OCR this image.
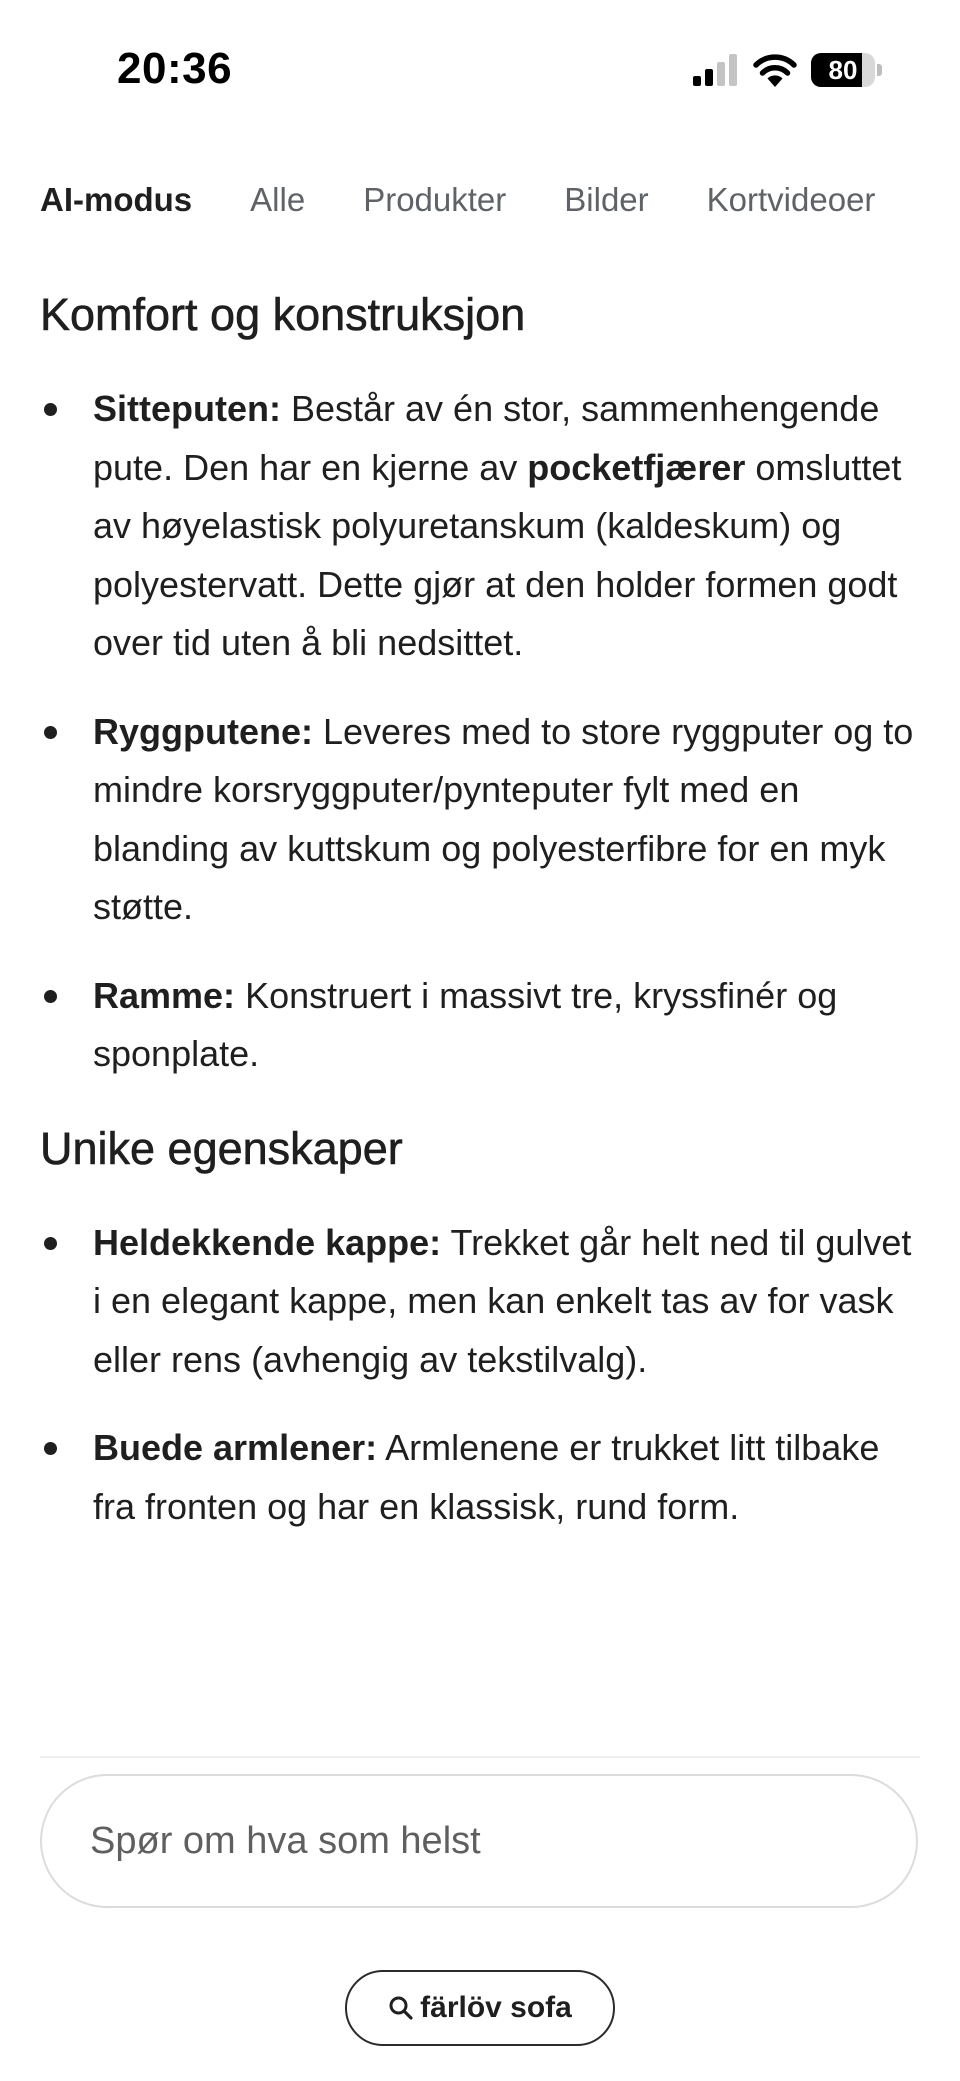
20:36	80
AI-modus Alle Produkter Bilder Kortvideoer
Komfort og konstruksjon
Sitteputen: Består av én stor, sammenhengende pute. Den har en kjerne av pocketfjærer omsluttet av høyelastisk polyuretanskum (kaldeskum) og polyestervatt. Dette gjør at den holder formen godt over tid uten å bli nedsittet.
Ryggputene: Leveres med to store ryggputer og to mindre korsryggputer/pynteputer fylt med en blanding av kuttskum og polyesterfibre for en myk støtte.
Ramme: Konstruert i massivt tre, kryssfinér og sponplate.
Unike egenskaper
Heldekkende kappe: Trekket går helt ned til gulvet i en elegant kappe, men kan enkelt tas av for vask eller rens (avhengig av tekstilvalg).
Buede armlener: Armlenene er trukket litt tilbake fra fronten og har en klassisk, rund form.
Spør om hva som helst
färlöv sofa
